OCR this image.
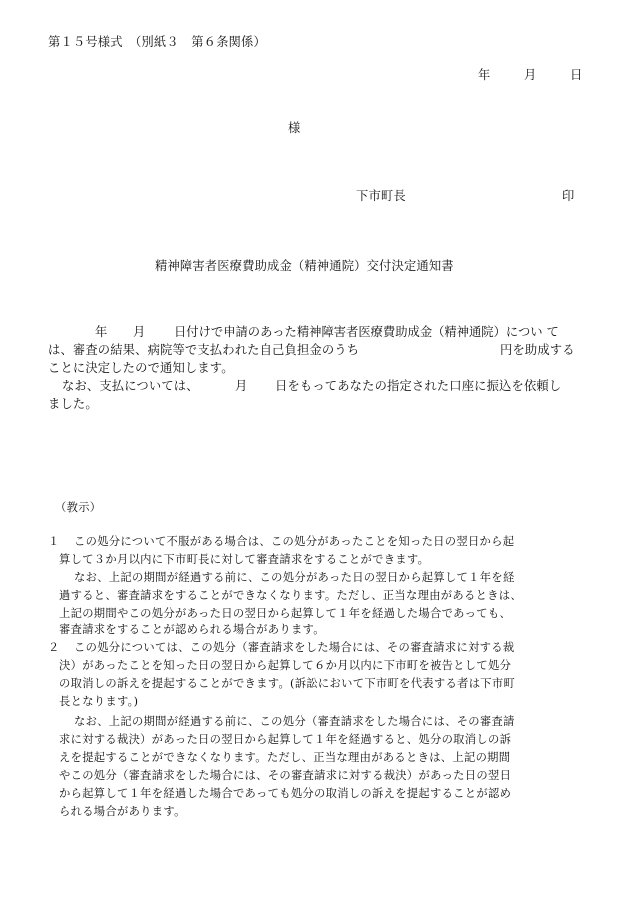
第１５号様式　（別紙３　第６条関係）
年	月	日
様
下市町長	印
精神障害者医療費助成金（精神通院）交付決定通知書
年 月 日付けで申請のあった精神障害者医療費助成金（精神通院）につい て
は、審査の結果、病院等で支払われた自己負担金のうち	円を助成する
ことに決定したので通知します。
なお、支払については、	月 日をもってあなたの指定された口座に振込を依頼し
ました。
（教示）
１ この処分について不服がある場合は、この処分があったことを知った日の翌日から起
算して３か月以内に下市町長に対して審査請求をすることができます。
なお、上記の期間が経過する前に、この処分があった日の翌日から起算して１年を経
過すると、審査請求をすることができなくなります。ただし、正当な理由があるときは、
上記の期間やこの処分があった日の翌日から起算して１年を経過した場合であっても、
審査請求をすることが認められる場合があります。
２ この処分については、この処分（審査請求をした場合には、その審査請求に対する裁
決）があったことを知った日の翌日から起算して６か月以内に下市町を被告として処分
の取消しの訴えを提起することができます。(訴訟において下市町を代表する者は下市町
長となります。)
なお、上記の期間が経過する前に、この処分（審査請求をした場合には、その審査請
求に対する裁決）があった日の翌日から起算して１年を経過すると、処分の取消しの訴
えを提起することができなくなります。ただし、正当な理由があるときは、上記の期間
やこの処分（審査請求をした場合には、その審査請求に対する裁決）があった日の翌日
から起算して１年を経過した場合であっても処分の取消しの訴えを提起することが認め
られる場合があります。
